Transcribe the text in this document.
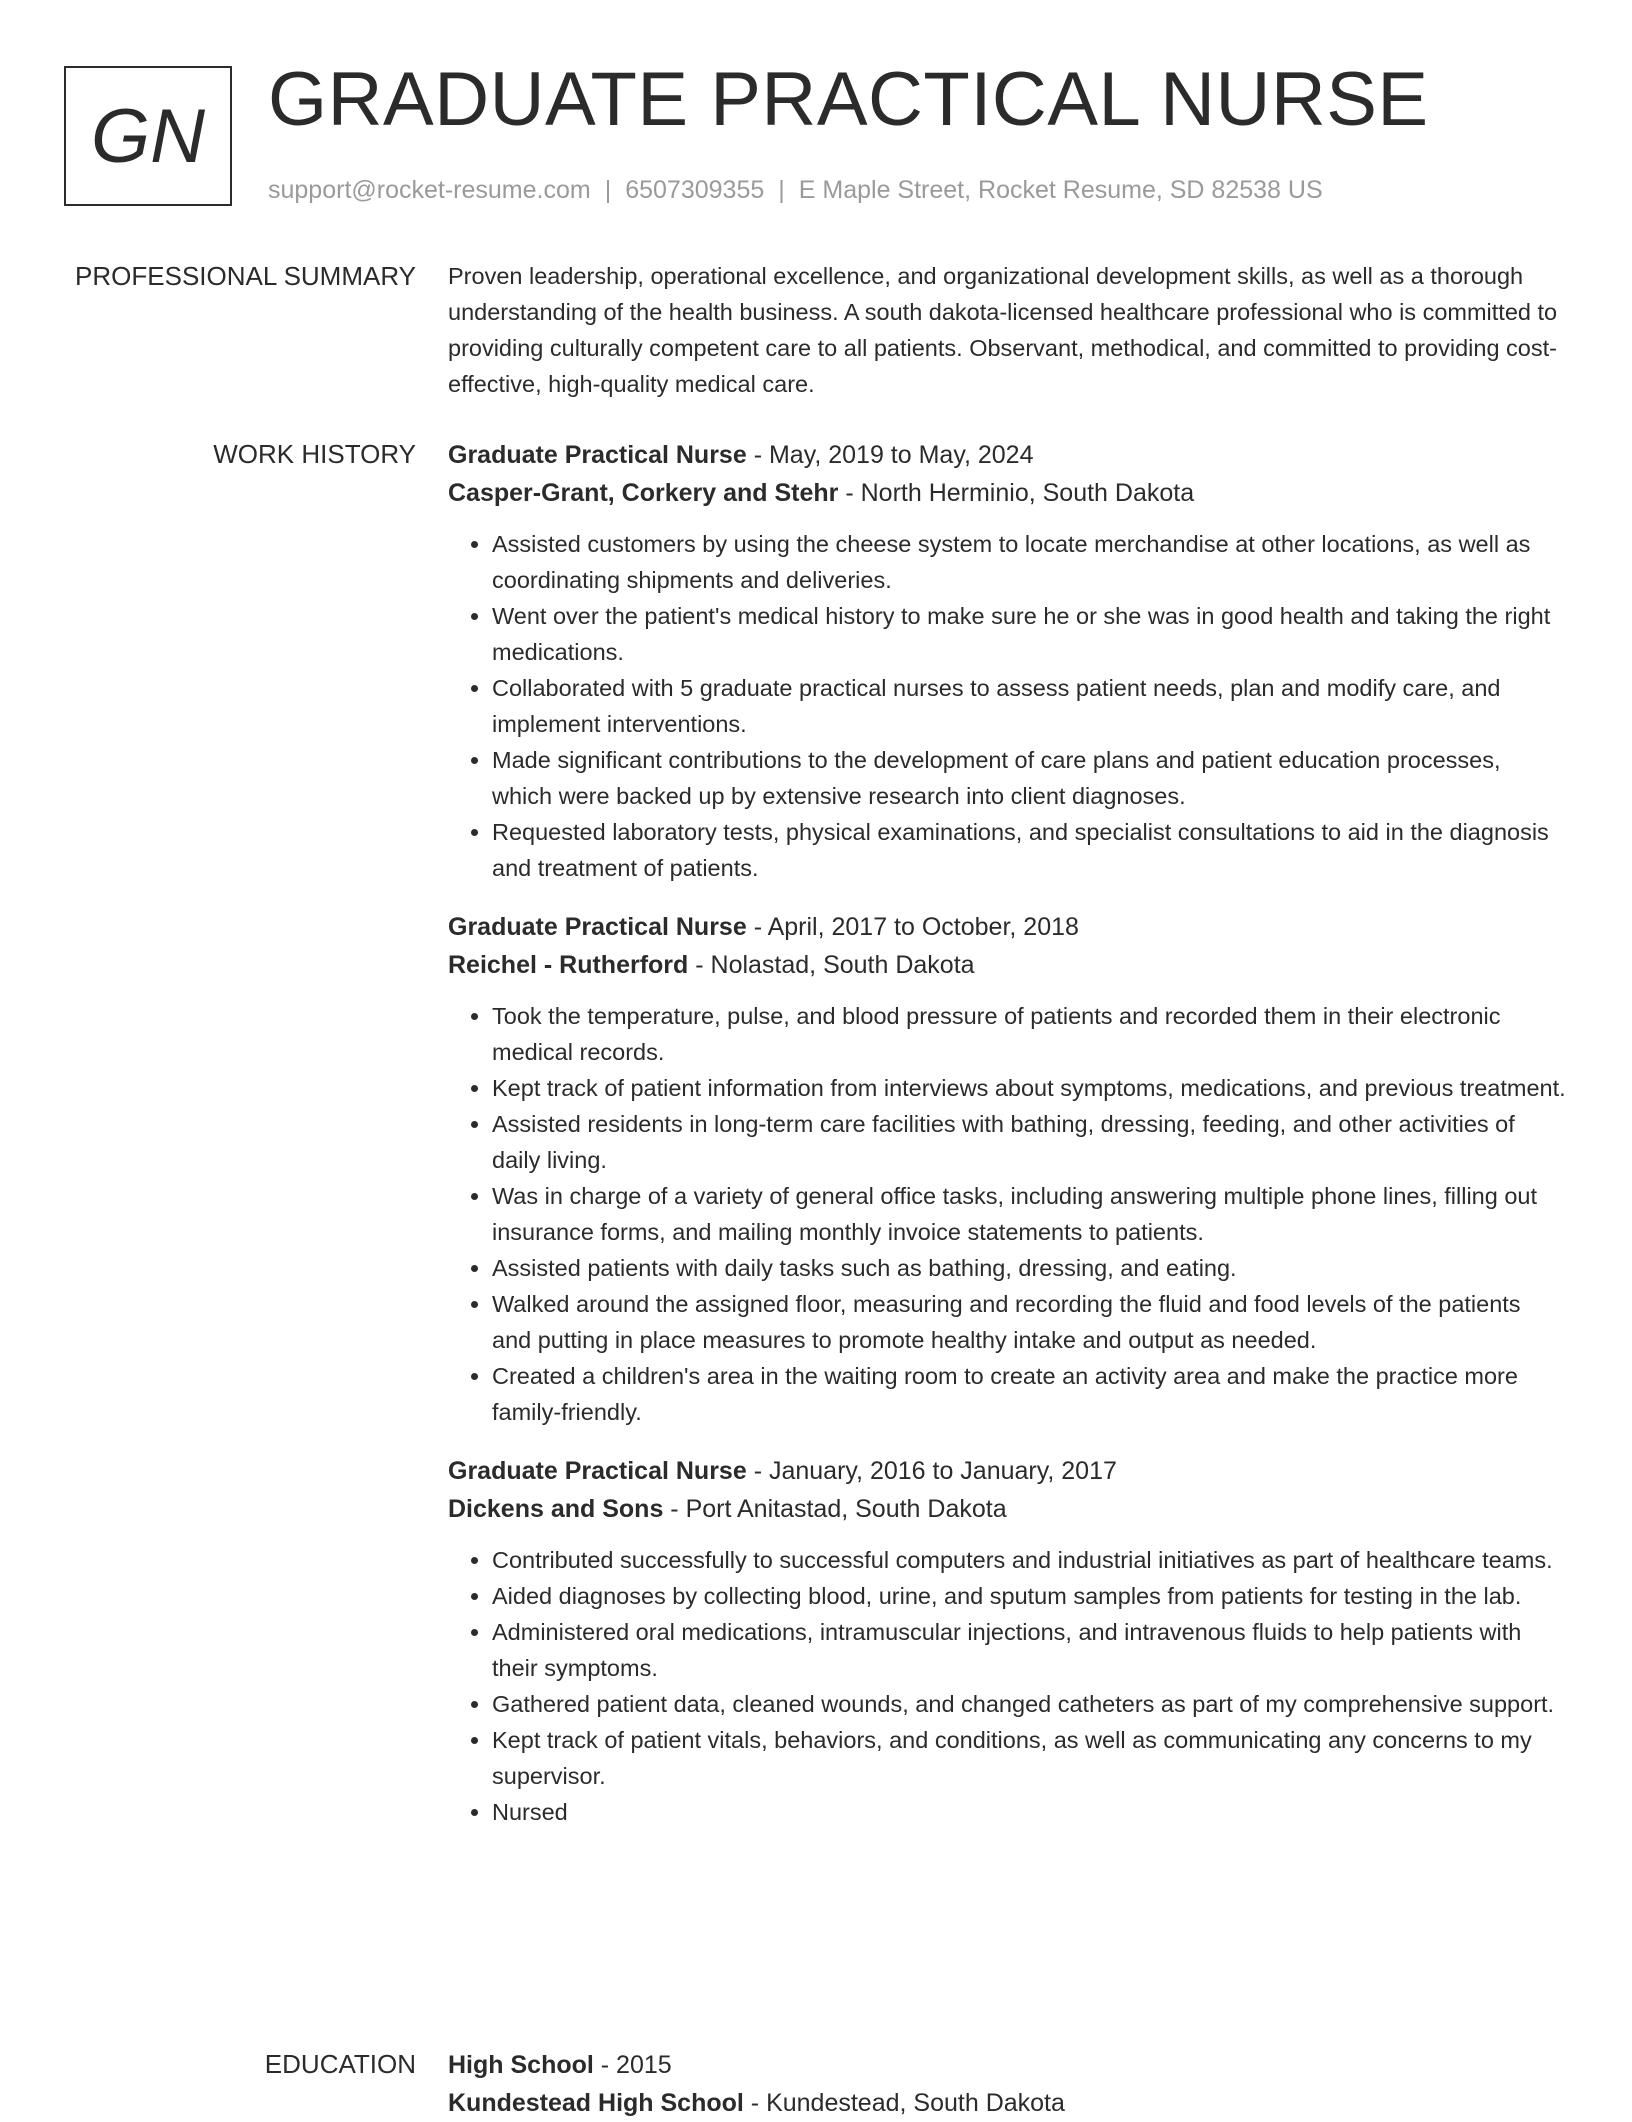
GN GRADUATE PRACTICAL NURSE
support@rocket-resume.com | 6507309355 | E Maple Street, Rocket Resume, SD 82538 US
PROFESSIONAL SUMMARY Proven leadership, operational excellence, and organizational development skills, as well as a thorough understanding of the health business. A south dakota-licensed healthcare professional who is committed to providing culturally competent care to all patients. Observant, methodical, and committed to providing cost-effective, high-quality medical care.

WORK HISTORY Graduate Practical Nurse - May, 2019 to May, 2024
Casper-Grant, Corkery and Stehr - North Herminio, South Dakota
• Assisted customers by using the cheese system to locate merchandise at other locations, as well as coordinating shipments and deliveries.
• Went over the patient's medical history to make sure he or she was in good health and taking the right medications.
• Collaborated with 5 graduate practical nurses to assess patient needs, plan and modify care, and implement interventions.
• Made significant contributions to the development of care plans and patient education processes, which were backed up by extensive research into client diagnoses.
• Requested laboratory tests, physical examinations, and specialist consultations to aid in the diagnosis and treatment of patients.
Graduate Practical Nurse - April, 2017 to October, 2018
Reichel - Rutherford - Nolastad, South Dakota
• Took the temperature, pulse, and blood pressure of patients and recorded them in their electronic medical records.
• Kept track of patient information from interviews about symptoms, medications, and previous treatment.
• Assisted residents in long-term care facilities with bathing, dressing, feeding, and other activities of daily living.
• Was in charge of a variety of general office tasks, including answering multiple phone lines, filling out insurance forms, and mailing monthly invoice statements to patients.
• Assisted patients with daily tasks such as bathing, dressing, and eating.
• Walked around the assigned floor, measuring and recording the fluid and food levels of the patients and putting in place measures to promote healthy intake and output as needed.
• Created a children's area in the waiting room to create an activity area and make the practice more family-friendly.
Graduate Practical Nurse - January, 2016 to January, 2017
Dickens and Sons - Port Anitastad, South Dakota
• Contributed successfully to successful computers and industrial initiatives as part of healthcare teams.
• Aided diagnoses by collecting blood, urine, and sputum samples from patients for testing in the lab.
• Administered oral medications, intramuscular injections, and intravenous fluids to help patients with their symptoms.
• Gathered patient data, cleaned wounds, and changed catheters as part of my comprehensive support.
• Kept track of patient vitals, behaviors, and conditions, as well as communicating any concerns to my supervisor.
• Nursed
EDUCATION High School - 2015
Kundestead High School - Kundestead, South Dakota
